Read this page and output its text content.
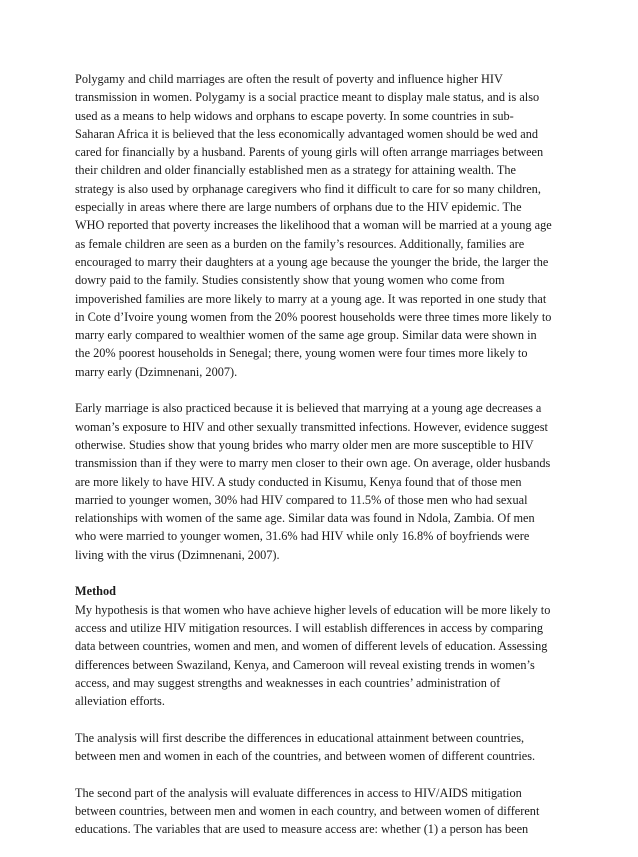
Polygamy and child marriages are often the result of poverty and influence higher HIV
transmission in women. Polygamy is a social practice meant to display male status, and is also
used as a means to help widows and orphans to escape poverty. In some countries in sub-
Saharan Africa it is believed that the less economically advantaged women should be wed and
cared for financially by a husband. Parents of young girls will often arrange marriages between
their children and older financially established men as a strategy for attaining wealth. The
strategy is also used by orphanage caregivers who find it difficult to care for so many children,
especially in areas where there are large numbers of orphans due to the HIV epidemic. The
WHO reported that poverty increases the likelihood that a woman will be married at a young age
as female children are seen as a burden on the family’s resources. Additionally, families are
encouraged to marry their daughters at a young age because the younger the bride, the larger the
dowry paid to the family. Studies consistently show that young women who come from
impoverished families are more likely to marry at a young age. It was reported in one study that
in Cote d’Ivoire young women from the 20% poorest households were three times more likely to
marry early compared to wealthier women of the same age group. Similar data were shown in
the 20% poorest households in Senegal; there, young women were four times more likely to
marry early (Dzimnenani, 2007).
Early marriage is also practiced because it is believed that marrying at a young age decreases a
woman’s exposure to HIV and other sexually transmitted infections. However, evidence suggest
otherwise. Studies show that young brides who marry older men are more susceptible to HIV
transmission than if they were to marry men closer to their own age. On average, older husbands
are more likely to have HIV. A study conducted in Kisumu, Kenya found that of those men
married to younger women, 30% had HIV compared to 11.5% of those men who had sexual
relationships with women of the same age. Similar data was found in Ndola, Zambia. Of men
who were married to younger women, 31.6% had HIV while only 16.8% of boyfriends were
living with the virus (Dzimnenani, 2007).
Method
My hypothesis is that women who have achieve higher levels of education will be more likely to
access and utilize HIV mitigation resources. I will establish differences in access by comparing
data between countries, women and men, and women of different levels of education. Assessing
differences between Swaziland, Kenya, and Cameroon will reveal existing trends in women’s
access, and may suggest strengths and weaknesses in each countries’ administration of
alleviation efforts.
The analysis will first describe the differences in educational attainment between countries,
between men and women in each of the countries, and between women of different countries.
The second part of the analysis will evaluate differences in access to HIV/AIDS mitigation
between countries, between men and women in each country, and between women of different
educations. The variables that are used to measure access are: whether (1) a person has been
